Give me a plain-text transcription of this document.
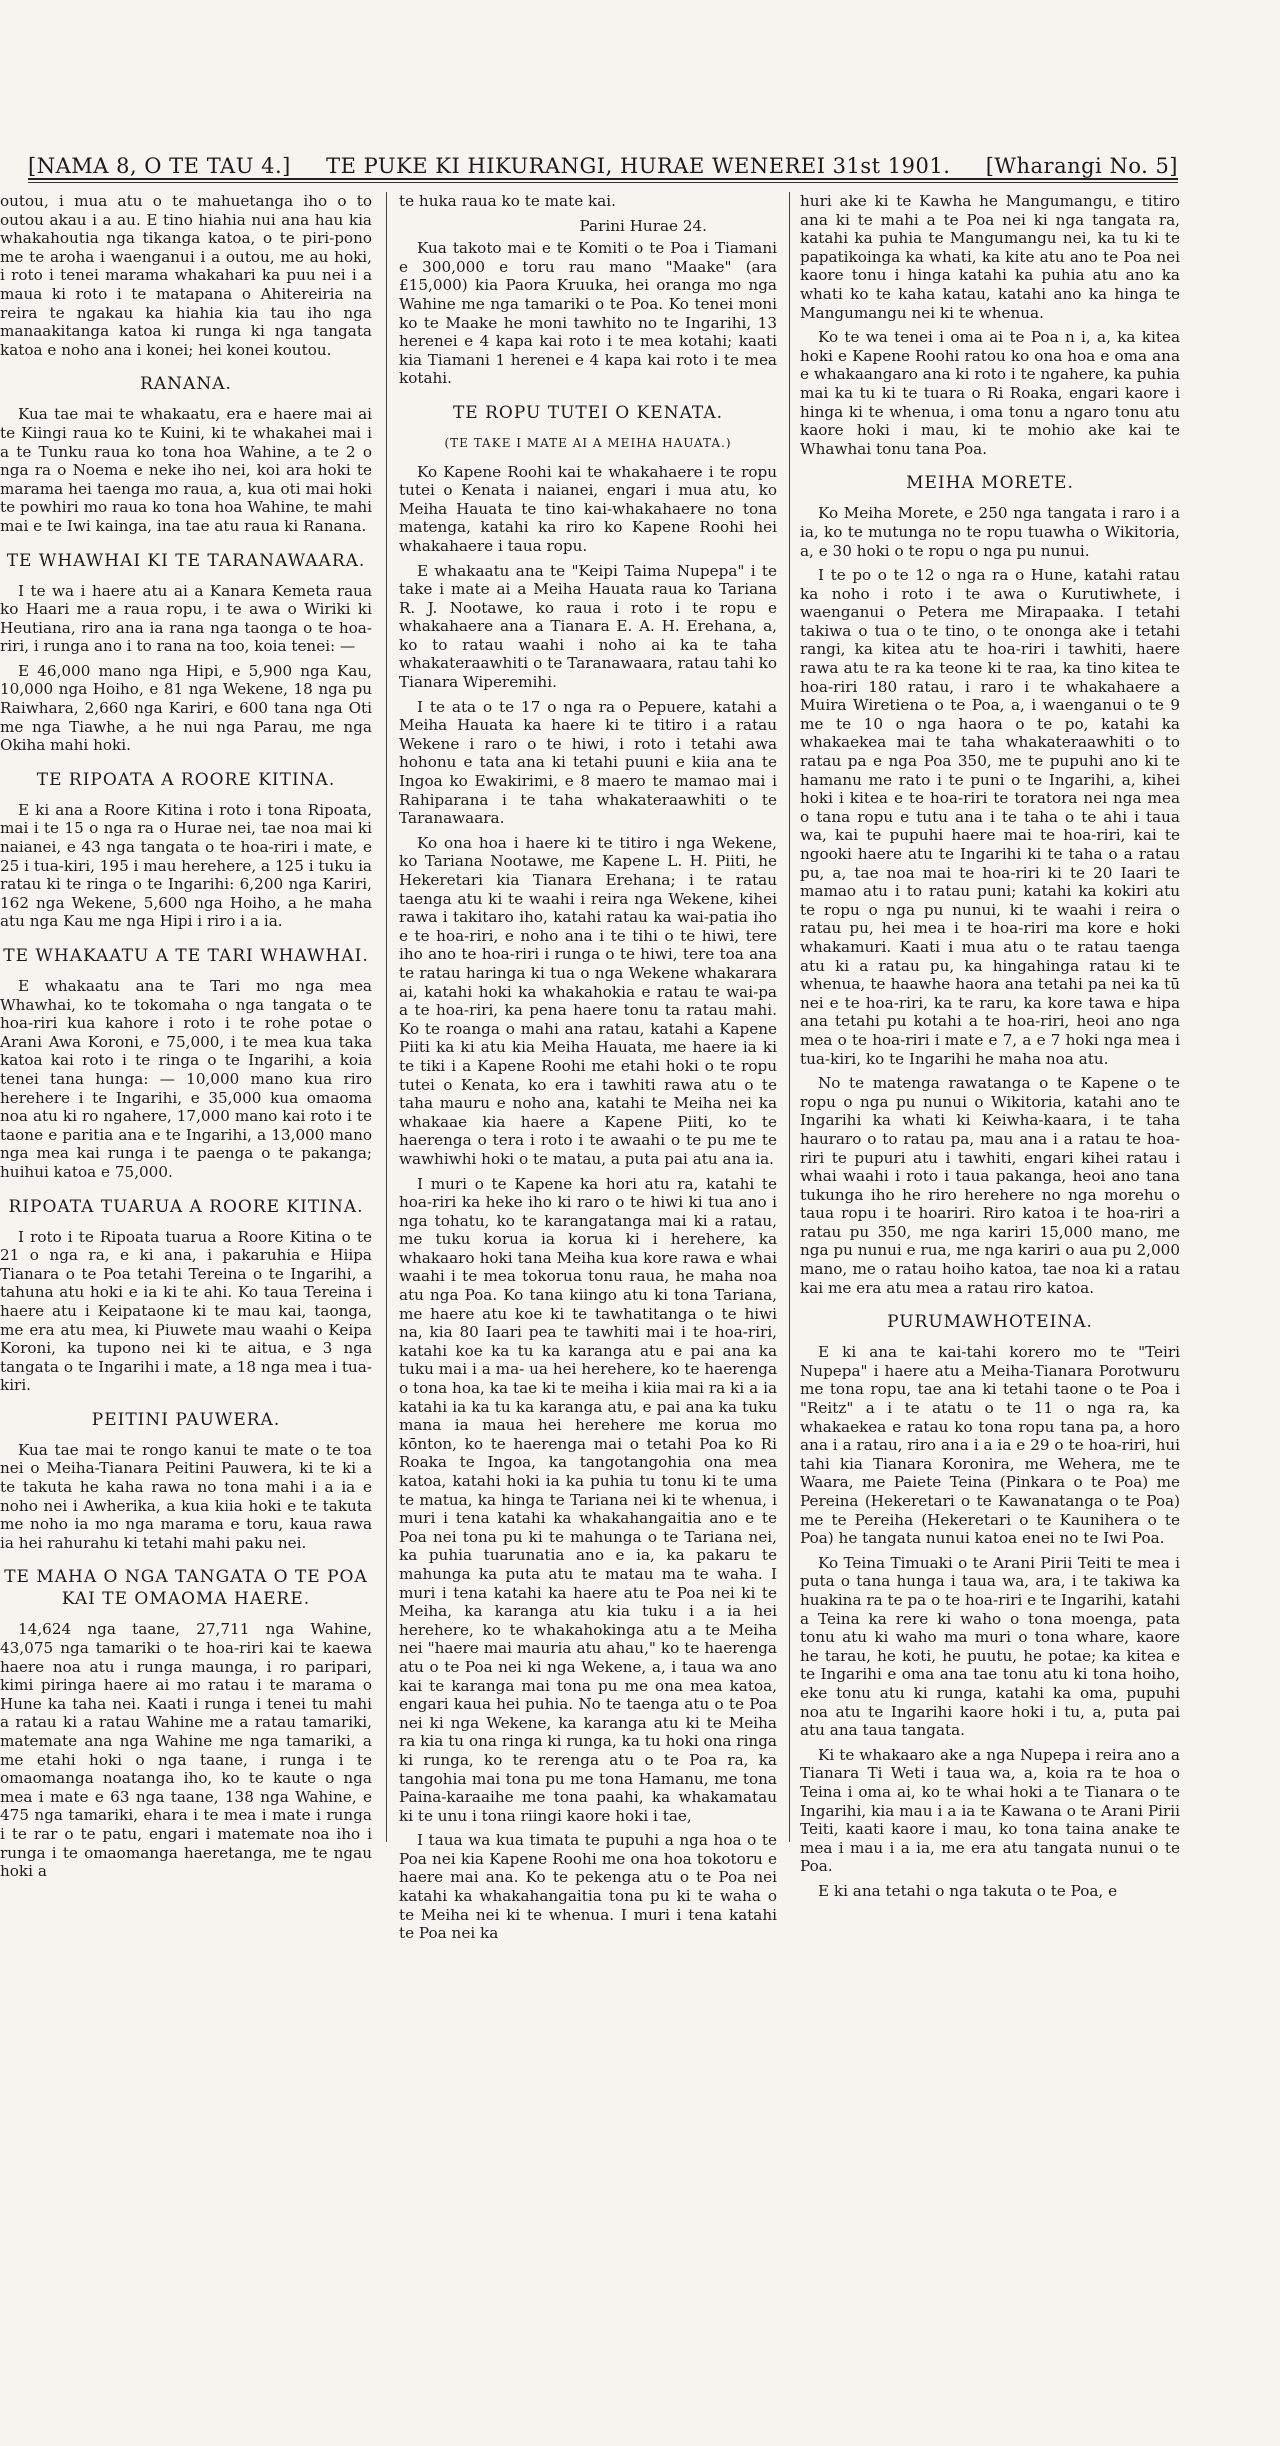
[NAMA 8, O TE TAU 4.] TE PUKE KI HIKURANGI, HURAE WENEREI 31st 1901. [Wharangi No. 5]

outou, i mua atu o te mahuetanga iho o to outou akau i a au. E tino hiahia nui ana hau kia whakahoutia nga tikanga katoa, o te piri-pono me te aroha i waenganui i a outou, me au hoki, i roto i tenei marama whakahari ka puu nei i a maua ki roto i te matapana o Ahitereiria na reira te ngakau ka hiahia kia tau iho nga manaakitanga katoa ki runga ki nga tangata katoa e noho ana i konei; hei konei koutou.

RANANA.

Kua tae mai te whakaatu, era e haere mai ai te Kiingi raua ko te Kuini, ki te whakahei mai i a te Tunku raua ko tona hoa Wahine, a te 2 o nga ra o Noema e neke iho nei, koi ara hoki te marama hei taenga mo raua, a, kua oti mai hoki te powhiri mo raua ko tona hoa Wahine, te mahi mai e te Iwi kainga, ina tae atu raua ki Ranana.

TE WHAWHAI KI TE TARANAWAARA.

I te wa i haere atu ai a Kanara Kemeta raua ko Haari me a raua ropu, i te awa o Wiriki ki Heutiana, riro ana ia rana nga taonga o te hoa-riri, i runga ano i to rana na too, koia tenei: —

E 46,000 mano nga Hipi, e 5,900 nga Kau, 10,000 nga Hoiho, e 81 nga Wekene, 18 nga pu Raiwhara, 2,660 nga Kariri, e 600 tana nga Oti me nga Tiawhe, a he nui nga Parau, me nga Okiha mahi hoki.

TE RIPOATA A ROORE KITINA.

E ki ana a Roore Kitina i roto i tona Ripoata, mai i te 15 o nga ra o Hurae nei, tae noa mai ki naianei, e 43 nga tangata o te hoa-riri i mate, e 25 i tua-kiri, 195 i mau herehere, a 125 i tuku ia ratau ki te ringa o te Ingarihi: 6,200 nga Kariri, 162 nga Wekene, 5,600 nga Hoiho, a he maha atu nga Kau me nga Hipi i riro i a ia.

TE WHAKAATU A TE TARI WHAWHAI.

E whakaatu ana te Tari mo nga mea Whawhai, ko te tokomaha o nga tangata o te hoa-riri kua kahore i roto i te rohe potae o Arani Awa Koroni, e 75,000, i te mea kua taka katoa kai roto i te ringa o te Ingarihi, a koia tenei tana hunga: — 10,000 mano kua riro herehere i te Ingarihi, e 35,000 kua omaoma noa atu ki ro ngahere, 17,000 mano kai roto i te taone e paritia ana e te Ingarihi, a 13,000 mano nga mea kai runga i te paenga o te pakanga; huihui katoa e 75,000.

RIPOATA TUARUA A ROORE KITINA.

I roto i te Ripoata tuarua a Roore Kitina o te 21 o nga ra, e ki ana, i pakaruhia e Hiipa Tianara o te Poa tetahi Tereina o te Ingarihi, a tahuna atu hoki e ia ki te ahi. Ko taua Tereina i haere atu i Keipataone ki te mau kai, taonga, me era atu mea, ki Piuwete mau waahi o Keipa Koroni, ka tupono nei ki te aituа, e 3 nga tangata o te Ingarihi i mate, a 18 nga mea i tua-kiri.

PEITINI PAUWERA.

Kua tae mai te rongo kanui te mate o te toa nei o Meiha-Tianara Peitini Pauwera, ki te ki a te takuta he kaha rawa no tona mahi i a ia e noho nei i Awherika, a kua kiia hoki e te takuta me noho ia mo nga marama e toru, kaua rawa ia hei rahurahu ki tetahi mahi paku nei.

TE MAHA O NGA TANGATA O TE POA KAI TE OMAOMA HAERE.

14,624 nga taane, 27,711 nga Wahine, 43,075 nga tamariki o te hoa-riri kai te kaewa haere noa atu i runga maunga, i ro paripari, kimi piringa haere ai mo ratau i te marama o Hune ka taha nei. Kaati i runga i tenei tu mahi a ratau ki a ratau Wahine me a ratau tamariki, matemate ana nga Wahine me nga tamariki, a me etahi hoki o nga taane, i runga i te omaomanga noatanga iho, ko te kaute o nga mea i mate e 63 nga taane, 138 nga Wahine, e 475 nga tamariki, ehara i te mea i mate i runga i te rar o te patu, engari i matemate noa iho i runga i te omaomanga haeretanga, me te ngau hoki a

te huka raua ko te mate kai.

Parini Hurae 24.

Kua takoto mai e te Komiti o te Poa i Tiamani e 300,000 e toru rau mano "Maake" (ara £15,000) kia Paora Kruuka, hei oranga mo nga Wahine me nga tamariki o te Poa. Ko tenei moni ko te Maake he moni tawhito no te Ingarihi, 13 herenei e 4 kapa kai roto i te mea kotahi; kaati kia Tiamani 1 herenei e 4 kapa kai roto i te mea kotahi.

TE ROPU TUTEI O KENATA.
(TE TAKE I MATE AI A MEIHA HAUATA.)

Ko Kapene Roohi kai te whakahaere i te ropu tutei o Kenata i naianei, engari i mua atu, ko Meiha Hauata te tino kai-whakahaere no tona matenga, katahi ka riro ko Kapene Roohi hei whakahaere i taua ropu.

E whakaatu ana te "Keipi Taima Nupepa" i te take i mate ai a Meiha Hauata raua ko Tariana R. J. Nootawe, ko raua i roto i te ropu e whakahaere ana a Tianara E. A. H. Erehana, a, ko to ratau waahi i noho ai ka te taha whakateraawhiti o te Taranawaara, ratau tahi ko Tianara Wiperemihi.

I te ata o te 17 o nga ra o Pepuere, katahi a Meiha Hauata ka haere ki te titiro i a ratau Wekene i raro o te hiwi, i roto i tetahi awa hohonu e tata ana ki tetahi puuni e kiia ana te Ingoa ko Ewakirimi, e 8 maero te mamao mai i Rahiparana i te taha whakateraawhiti o te Taranawaara.

Ko ona hoa i haere ki te titiro i nga Wekene, ko Tariana Nootawe, me Kapene L. H. Piiti, he Hekeretari kia Tianara Erehana; i te ratau taenga atu ki te waahi i reira nga Wekene, kihei rawa i takitaro iho, katahi ratau ka wai-patia iho e te hoa-riri, e noho ana i te tihi o te hiwi, tere iho ano te hoa-riri i runga o te hiwi, tere toa ana te ratau haringa ki tua o nga Wekene whakarara ai, katahi hoki ka whakahokia e ratau te wai-pa a te hoa-riri, ka pena haere tonu ta ratau mahi. Ko te roanga o mahi ana ratau, katahi a Kapene Piiti ka ki atu kia Meiha Hauata, me haere ia ki te tiki i a Kapene Roohi me etahi hoki o te ropu tutei o Kenata, ko era i tawhiti rawa atu o te taha mauru e noho ana, katahi te Meiha nei ka whakaae kia haere a Kapene Piiti, ko te haerenga o tera i roto i te awaahi o te pu me te wawhiwhi hoki o te matau, a puta pai atu ana ia.

I muri o te Kapene ka hori atu ra, katahi te hoa-riri ka heke iho ki raro o te hiwi ki tua ano i nga tohatu, ko te karangatanga mai ki a ratau, me tuku korua ia korua ki i herehere, ka whakaaro hoki tana Meiha kua kore rawa e whai waahi i te mea tokorua tonu raua, he maha noa atu nga Poa. Ko tana kiingo atu ki tona Tariana, me haere atu koe ki te tawhatitanga o te hiwi na, kia 80 Iaari pea te tawhiti mai i te hoa-riri, katahi koe ka tu ka karanga atu e pai ana ka tuku mai i a ma- ua hei herehere, ko te haerenga o tona hoa, ka tae ki te meiha i kiia mai ra ki a ia katahi ia ka tu ka karanga atu, e pai ana ka tuku mana ia maua hei herehere me korua mo kōnton, ko te haerenga mai o tetahi Poa ko Ri Roaka te Ingoa, ka tangotangohia ona mea katoa, katahi hoki ia ka puhia tu tonu ki te uma te matua, ka hinga te Tariana nei ki te whenua, i muri i tena katahi ka whakahangaitia ano e te Poa nei tona pu ki te mahunga o te Tariana nei, ka puhia tuarunatia ano e ia, ka pakaru te mahunga ka puta atu te matau ma te waha. I muri i tena katahi ka haere atu te Poa nei ki te Meiha, ka karanga atu kia tuku i a ia hei herehere, ko te whakahokinga atu a te Meiha nei "haere mai mauria atu ahau," ko te haerenga atu o te Poa nei ki nga Wekene, a, i taua wa ano kai te karanga mai tona pu me ona mea katoa, engari kaua hei puhia. No te taenga atu o te Poa nei ki nga Wekene, ka karanga atu ki te Meiha ra kia tu ona ringa ki runga, ka tu hoki ona ringa ki runga, ko te rerenga atu o te Poa ra, ka tangohia mai tona pu me tona Hamanu, me tona Paina-karaaihe me tona paahi, ka whakamatau ki te unu i tona riingi kaore hoki i tae,

I taua wa kua timata te pupuhi a nga hoa o te Poa nei kia Kapene Roohi me ona hoa tokotoru e haere mai ana. Ko te pekenga atu o te Poa nei katahi ka whakahangaitia tona pu ki te waha o te Meiha nei ki te whenua. I muri i tena katahi te Poa nei ka

huri ake ki te Kawha he Mangumangu, e titiro ana ki te mahi a te Poa nei ki nga tangata ra, katahi ka puhia te Mangumangu nei, ka tu ki te papatikoinga ka whati, ka kite atu ano te Poa nei kaore tonu i hinga katahi ka puhia atu ano ka whati ko te kaha katau, katahi ano ka hinga te Mangumangu nei ki te whenua.

Ko te wa tenei i oma ai te Poa n i, a, ka kitea hoki e Kapene Roohi ratou ko ona hoa e oma ana e whakaangaro ana ki roto i te ngahere, ka puhia mai ka tu ki te tuara o Ri Roaka, engari kaore i hinga ki te whenua, i oma tonu a ngaro tonu atu kaore hoki i mau, ki te mohio ake kai te Whawhai tonu tana Poa.

MEIHA MORETE.

Ko Meiha Morete, e 250 nga tangata i raro i a ia, ko te mutunga no te ropu tuawha o Wikitoria, a, e 30 hoki o te ropu o nga pu nunui.

I te po o te 12 o nga ra o Hune, katahi ratau ka noho i roto i te awa o Kurutiwhete, i waenganui o Petera me Mirapaaka. I tetahi takiwa o tua o te tino, o te ononga ake i tetahi rangi, ka kitea atu te hoa-riri i tawhiti, haere rawa atu te ra ka teone ki te raa, ka tino kitea te hoa-riri 180 ratau, i raro i te whakahaere a Muira Wiretiena o te Poa, a, i waenganui o te 9 me te 10 o nga haora o te po, katahi ka whakaekea mai te taha whakateraawhiti o to ratau pa e nga Poa 350, me te pupuhi ano ki te hamanu me rato i te puni o te Ingarihi, a, kihei hoki i kitea e te hoa-riri te toratora nei nga mea o tana ropu e tutu ana i te taha o te ahi i taua wa, kai te pupuhi haere mai te hoa-riri, kai te ngooki haere atu te Ingarihi ki te taha o a ratau pu, a, tae noa mai te hoa-riri ki te 20 Iaari te mamao atu i to ratau puni; katahi ka kokiri atu te ropu o nga pu nunui, ki te waahi i reira o ratau pu, hei mea i te hoa-riri ma kore e hoki whakamuri. Kaati i mua atu o te ratau taenga atu ki a ratau pu, ka hingahinga ratau ki te whenua, te haawhe haora ana tetahi pa nei ka tū nei e te hoa-riri, ka te raru, ka kore tawa e hipa ana tetahi pu kotahi a te hoa-riri, heoi ano nga mea o te hoa-riri i mate e 7, a e 7 hoki nga mea i tua-kiri, ko te Ingarihi he maha noa atu.

No te matenga rawatanga o te Kapene o te ropu o nga pu nunui o Wikitoria, katahi ano te Ingarihi ka whati ki Keiwha-kaara, i te taha hauraro o to ratau pa, mau ana i a ratau te hoa-riri te pupuri atu i tawhiti, engari kihei ratau i whai waahi i roto i taua pakanga, heoi ano tana tukunga iho he riro herehere no nga morehu o taua ropu i te hoariri. Riro katoa i te hoa-riri a ratau pu 350, me nga kariri 15,000 mano, me nga pu nunui e rua, me nga kariri o aua pu 2,000 mano, me o ratau hoiho katoa, tae noa ki a ratau kai me era atu mea a ratau riro katoa.

PURUMAWHOTEINA.

E ki ana te kai-tahi korero mo te "Teiri Nupepa" i haere atu a Meiha-Tianara Porotwuru me tona ropu, tae ana ki tetahi taone o te Poa i "Reitz" a i te atatu o te 11 o nga ra, ka whakaekea e ratau ko tona ropu tana pa, a horo ana i a ratau, riro ana i a ia e 29 o te hoa-riri, hui tahi kia Tianara Koronira, me Wehera, me te Waara, me Paiete Teina (Pinkara o te Poa) me Pereina (Hekeretari o te Kawanatanga o te Poa) me te Pereiha (Hekeretari o te Kaunihera o te Poa) he tangata nunui katoa enei no te Iwi Poa.

Ko Teina Timuaki o te Arani Pirii Teiti te mea i puta o tana hunga i taua wa, ara, i te takiwa ka huakina ra te pa o te hoa-riri e te Ingarihi, katahi a Teina ka rere ki waho o tona moenga, pata tonu atu ki waho ma muri o tona whare, kaore he tarau, he koti, he puutu, he potae; ka kitea e te Ingarihi e oma ana tae tonu atu ki tona hoiho, eke tonu atu ki runga, katahi ka oma, pupuhi noa atu te Ingarihi kaore hoki i tu, a, puta pai atu ana taua tangata.

Ki te whakaaro ake a nga Nupepa i reira ano a Tianara Ti Weti i taua wa, a, koia ra te hoa o Teina i oma ai, ko te whai hoki a te Tianara o te Ingarihi, kia mau i a ia te Kawana o te Arani Pirii Teiti, kaati kaore i mau, ko tona taina anake te mea i mau i a ia, me era atu tangata nunui o te Poa.

E ki ana tetahi o nga takuta o te Poa, e
